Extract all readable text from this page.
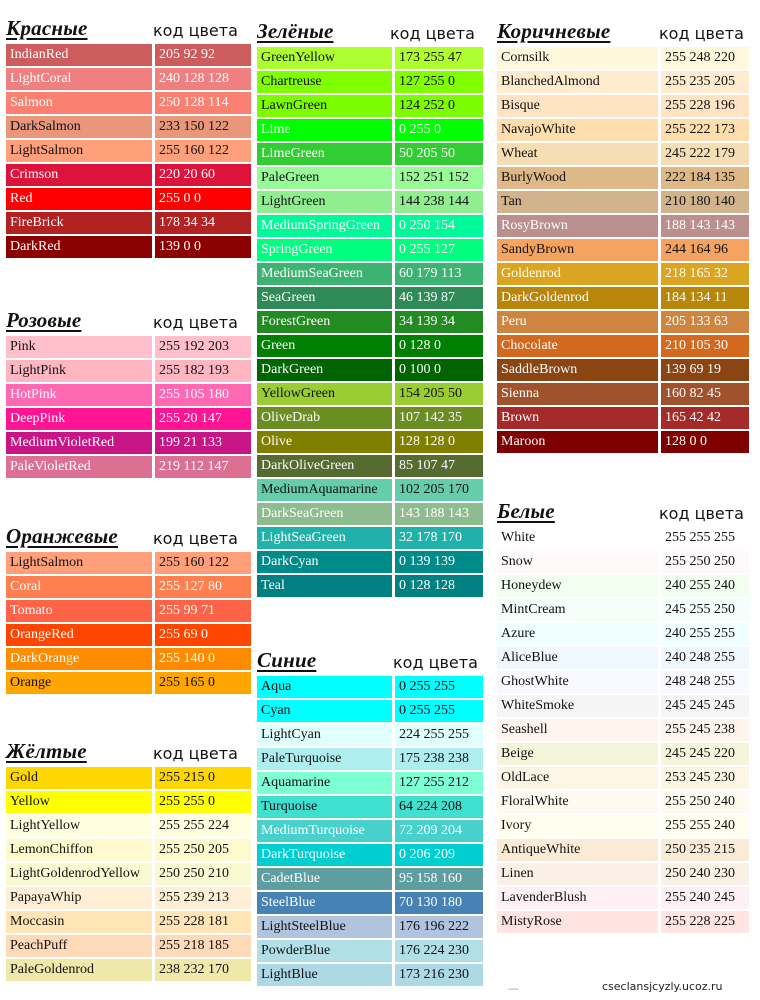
Красные	код цвета
IndianRed	205 92 92
LightCoral	240 128 128
Salmon	250 128 114
DarkSalmon	233 150 122
LightSalmon	255 160 122
Crimson	220 20 60
Red	255 0 0
FireBrick	178 34 34
DarkRed	139 0 0
Розовые	код цвета
Pink	255 192 203
LightPink	255 182 193
HotPink	255 105 180
DeepPink	255 20 147
MediumVioletRed	199 21 133
PaleVioletRed	219 112 147
Оранжевые код цвета
LightSalmon	255 160 122
Coral	255 127 80
Tomato	255 99 71
OrangeRed	255 69 0
DarkOrange	255 140 0
Orange	255 165 0
Жёлтые	код цвета
Gold	255 215 0
Yellow	255 255 0
LightYellow	255 255 224
LemonChiffon	255 250 205
LightGoldenrodYellow	250 250 210
PapayaWhip	255 239 213
Moccasin	255 228 181
PeachPuff	255 218 185
PaleGoldenrod	238 232 170
Зелёные	код цвета
GreenYellow	173 255 47
Chartreuse	127 255 0
LawnGreen	124 252 0
Lime	0 255 0
LimeGreen	50 205 50
PaleGreen	152 251 152
LightGreen	144 238 144
MediumSpringGreen	0 250 154
SpringGreen	0 255 127
MediumSeaGreen	60 179 113
SeaGreen	46 139 87
ForestGreen	34 139 34
Green	0 128 0
DarkGreen	0 100 0
YellowGreen	154 205 50
OliveDrab	107 142 35
Olive	128 128 0
DarkOliveGreen	85 107 47
MediumAquamarine	102 205 170
DarkSeaGreen	143 188 143
LightSeaGreen	32 178 170
DarkCyan	0 139 139
Teal	0 128 128
Синие	код цвета
Aqua	0 255 255
Cyan	0 255 255
LightCyan	224 255 255
PaleTurquoise	175 238 238
Aquamarine	127 255 212
Turquoise	64 224 208
MediumTurquoise	72 209 204
DarkTurquoise	0 206 209
CadetBlue	95 158 160
SteelBlue	70 130 180
LightSteelBlue	176 196 222
PowderBlue	176 224 230
LightBlue	173 216 230
Коричневые	код цвета
Cornsilk	255 248 220
BlanchedAlmond	255 235 205
Bisque	255 228 196
NavajoWhite	255 222 173
Wheat	245 222 179
BurlyWood	222 184 135
Tan	210 180 140
RosyBrown	188 143 143
SandyBrown	244 164 96
Goldenrod	218 165 32
DarkGoldenrod	184 134 11
Peru	205 133 63
Chocolate	210 105 30
SaddleBrown	139 69 19
Sienna	160 82 45
Brown	165 42 42
Maroon	128 0 0
Белые	код цвета
White	255 255 255
Snow	255 250 250
Honeydew	240 255 240
MintCream	245 255 250
Azure	240 255 255
AliceBlue	240 248 255
GhostWhite	248 248 255
WhiteSmoke	245 245 245
Seashell	255 245 238
Beige	245 245 220
OldLace	253 245 230
FloralWhite	255 250 240
Ivory	255 255 240
AntiqueWhite	250 235 215
Linen	250 240 230
LavenderBlush	255 240 245
MistyRose	255 228 225
—	cseclansjcyzly.ucoz.ru
